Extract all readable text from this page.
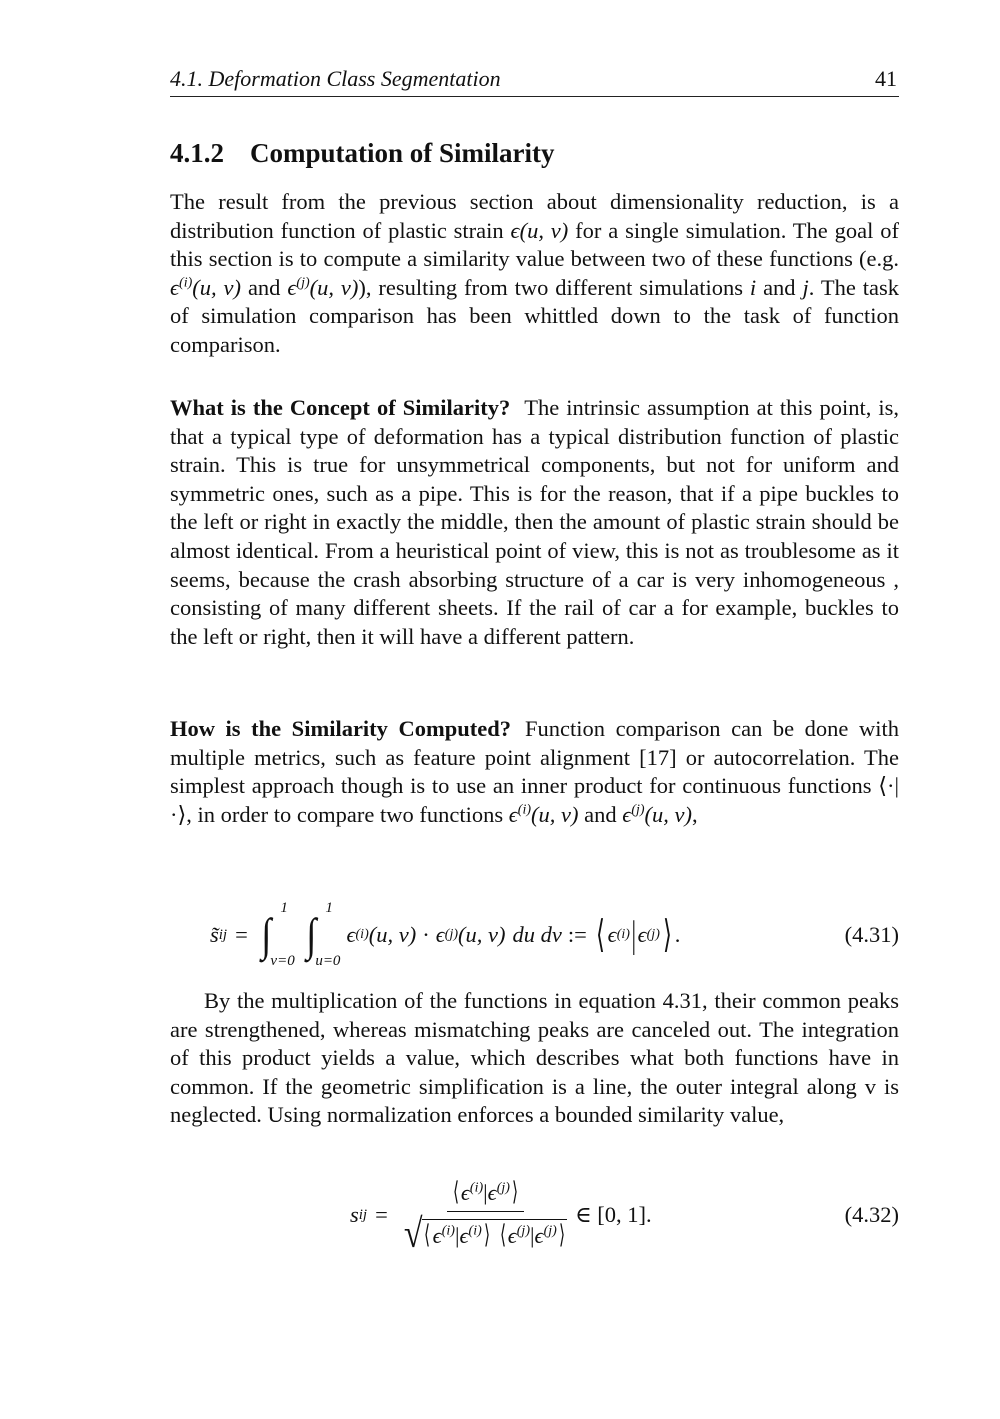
4.1. Deformation Class Segmentation	41
4.1.2 Computation of Similarity
The result from the previous section about dimensionality reduction, is a distribution function of plastic strain ϵ(u, v) for a single simulation. The goal of this section is to compute a similarity value between two of these functions (e.g. $\epsilon^{(i)}(u$, v) and $\epsilon^{(j)}(u$, v)), resulting from two different simulations i and j. The task of simulation comparison has been whittled down to the task of function comparison.
What is the Concept of Similarity? The intrinsic assumption at this point, is, that a typical type of deformation has a typical distribution function of plastic strain. This is true for unsymmetrical components, but not for uniform and symmetric ones, such as a pipe. This is for the reason, that if a pipe buckles to the left or right in exactly the middle, then the amount of plastic strain should be almost identical. From a heuristical point of view, this is not as troublesome as it seems, because the crash absorbing structure of a car is very inhomogeneous , consisting of many different sheets. If the rail of car a for example, buckles to the left or right, then it will have a different pattern.
How is the Similarity Computed? Function comparison can be done with multiple metrics, such as feature point alignment [17] or autocorrelation. The simplest approach though is to use an inner product for continuous functions ⟨·|·⟩, in order to compare two functions $\epsilon^{(i)}(u$, v) and $\epsilon^{(j)}(u$, v),
s̃ ij = ∫
1
v=0
∫
1
u=0
ϵ (i) (u, v) · ϵ (j) (u, v) du dv := ⟨ ϵ (i) | ϵ (j) ⟩ .	(4.31)
By the multiplication of the functions in equation 4.31, their common peaks are strengthened, whereas mismatching peaks are canceled out. The integration of this product yields a value, which describes what both functions have in common. If the geometric simplification is a line, the outer integral along v is neglected. Using normalization enforces a bounded similarity value,
s ij = $\frac{⟨\epsilon^{(i)}|\epsilon^{(j)}⟩}{√ ⟨\epsilon^{(i)}|\epsilon^{(i)}⟩ ⟨\epsilon^{(j)}|\epsilon^{(j)}⟩}$ ∈ [0, 1].	(4.32)
